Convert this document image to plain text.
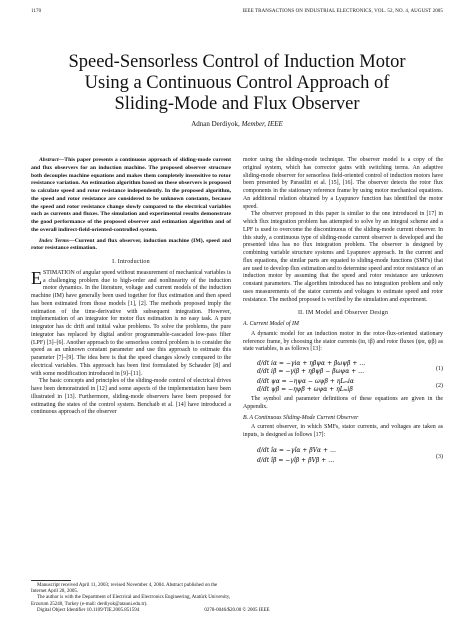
1170	IEEE TRANSACTIONS ON INDUSTRIAL ELECTRONICS, VOL. 52, NO. 4, AUGUST 2005
Speed-Sensorless Control of Induction Motor
Using a Continuous Control Approach of
Sliding-Mode and Flux Observer
Adnan Derdiyok, Member, IEEE

Abstract—This paper presents a continuous approach of sliding-mode current and flux observers for an induction machine. The proposed observer structure both decouples machine equations and makes them completely insensitive to rotor resistance variation. An estimation algorithm based on these observers is proposed to calculate speed and rotor resistance independently. In the proposed algorithm, the speed and rotor resistance are considered to be unknown constants, because the speed and rotor resistance change slowly compared to the electrical variables such as currents and fluxes. The simulation and experimental results demonstrate the good performance of the proposed observer and estimation algorithm and of the overall indirect-field-oriented-controlled system.

Index Terms—Current and flux observer, induction machine (IM), speed and rotor resistance estimation.

I. Introduction

ESTIMATION of angular speed without measurement of mechanical variables is a challenging problem due to high-order and nonlinearity of the induction motor dynamics. In the literature, voltage and current models of the induction machine (IM) have generally been used together for flux estimation and then speed has been estimated from those models [1], [2]. The methods proposed imply the estimation of the time-derivative with subsequent integration. However, implementation of an integrator for motor flux estimation is no easy task. A pure integrator has dc drift and initial value problems. To solve the problems, the pure integrator has replaced by digital and/or programmable-cascaded low-pass filter (LPF) [3]–[6]. Another approach to the sensorless control problem is to consider the speed as an unknown constant parameter and use this approach to estimate this parameter [7]–[9]. The idea here is that the speed changes slowly compared to the electrical variables. This approach has been first formulated by Schauder [8] and with some modification introduced in [9]–[11].

The basic concepts and principles of the sliding-mode control of electrical drives have been demonstrated in [12] and some aspects of the implementation have been illustrated in [13]. Furthermore, sliding-mode observers have been proposed for estimating the states of the control system. Benchaib et al. [14] have introduced a continuous approach of the observer

motor using the sliding-mode technique. The observer model is a copy of the original system, which has corrector gains with switching terms. An adaptive sliding-mode observer for sensorless field-oriented control of induction motors have been presented by Parasiliti et al. [15], [16]. The observer detects the rotor flux components in the stationary reference frame by using motor mechanical equations. An additional relation obtained by a Lyapunov function has identified the motor speed.

The observer proposed in this paper is similar to the one introduced in [17] in which flux integration problem has attempted to solve by an integral scheme and a LPF is used to overcome the discontinuous of the sliding-mode current observer. In this study, a continuous type of sliding-mode current observer is developed and the presented idea has no flux integration problem. The observer is designed by combining variable structure systems and Lyapunov approach. In the current and flux equations, the similar parts are equated to sliding-mode functions (SMFs) that are used to develop flux estimation and to determine speed and rotor resistance of an induction motor by assuming that the speed and rotor resistance are unknown constant parameters. The algorithm introduced has no integration problem and only uses measurements of the stator currents and voltages to estimate speed and rotor resistance. The method proposed is verified by the simulation and experiment.

II. IM Model and Observer Design

A. Current Model of IM

A dynamic model for an induction motor in the rotor-flux-oriented stationary reference frame, by choosing the stator currents (iα, iβ) and rotor fluxes (ψα, ψβ) as state variables, is as follows [13]:

d/dt iα = −γiα + ηβψα + βωψβ + …
d/dt iβ = −γiβ + ηβψβ − βωψα + …
d/dt ψα = −ηψα − ωψβ + ηLₘiα
d/dt ψβ = −ηψβ + ωψα + ηLₘiβ
(1)
(2)

The symbol and parameter definitions of these equations are given in the Appendix.

B. A Continuous Sliding-Mode Current Observer

A current observer, in which SMFs, stator currents, and voltages are taken as inputs, is designed as follows [17]:

d/dt îα = −γîα + βVα + …
d/dt îβ = −γîβ + βVβ + …	(3)

Manuscript received April 11, 2003; revised November 4, 2004. Abstract published on the Internet April 28, 2005.

The author is with the Department of Electrical and Electronics Engineering, Atatürk University, Erzurum 25240, Turkey (e-mail: derdiyok@atauni.edu.tr).

Digital Object Identifier 10.1109/TIE.2005.851594	0278-0046/$20.00 © 2005 IEEE
